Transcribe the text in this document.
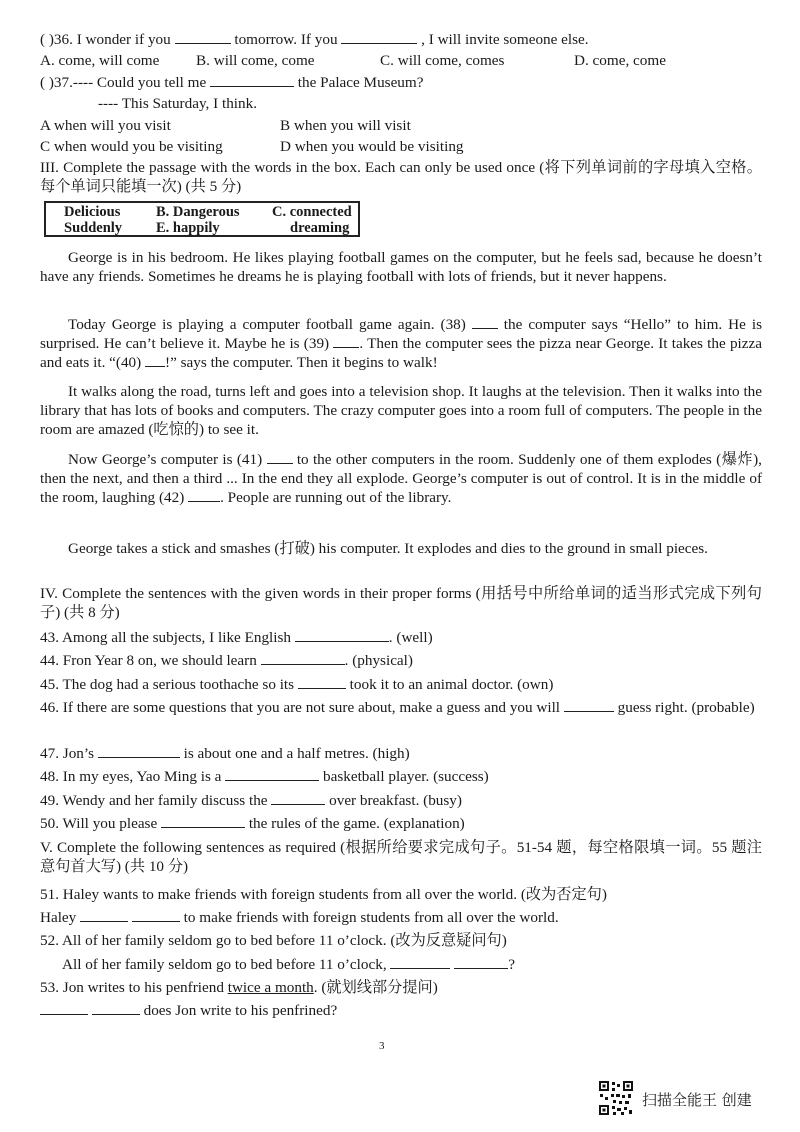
( )36. I wonder if you	tomorrow. If you	, I will invite someone else.
A. come, will come B. will come, come	C. will come, comes	D. come, come
( )37.---- Could you tell me	the Palace Museum?
---- This Saturday, I think.
A when will you visit	B when you will visit
C when would you be visiting	D when you would be visiting
III. Complete the passage with the words in the box. Each can only be used once (将下列单词前的字母填入空格。每个单词只能填一次) (共 5 分)
Delicious B. Dangerous C. connected
Suddenly E. happily	dreaming
George is in his bedroom. He likes playing football games on the computer, but he feels sad, because he doesn’t have any friends. Sometimes he dreams he is playing football with lots of friends, but it never happens.
Today George is playing a computer football game again. (38)  the computer says “Hello” to him. He is surprised. He can’t believe it. Maybe he is (39) . Then the computer sees the pizza near George. It takes the pizza and eats it. “(40) !” says the computer. Then it begins to walk!
It walks along the road, turns left and goes into a television shop. It laughs at the television. Then it walks into the library that has lots of books and computers. The crazy computer goes into a room full of computers. The people in the room are amazed (吃惊的) to see it.
Now George’s computer is (41)  to the other computers in the room. Suddenly one of them explodes (爆炸), then the next, and then a third ... In the end they all explode. George’s computer is out of control. It is in the middle of the room, laughing (42) . People are running out of the library.
George takes a stick and smashes (打破) his computer. It explodes and dies to the ground in small pieces.
IV. Complete the sentences with the given words in their proper forms (用括号中所给单词的适当形式完成下列句子) (共 8 分)
43. Among all the subjects, I like English	. (well)
44. Fron Year 8 on, we should learn	. (physical)
45. The dog had a serious toothache so its	took it to an animal doctor. (own)
46. If there are some questions that you are not sure about, make a guess and you will	guess right. (probable)
47. Jon’s	is about one and a half metres. (high)
48. In my eyes, Yao Ming is a	basketball player. (success)
49. Wendy and her family discuss the	over breakfast. (busy)
50. Will you please	the rules of the game. (explanation)
V. Complete the following sentences as required (根据所给要求完成句子。51-54 题，每空格限填一词。55 题注意句首大写) (共 10 分)
51. Haley wants to make friends with foreign students from all over the world. (改为否定句)
Haley	to make friends with foreign students from all over the world.
52. All of her family seldom go to bed before 11 o’clock. (改为反意疑问句)
All of her family seldom go to bed before 11 o’clock,	?
53. Jon writes to his penfriend twice a month. (就划线部分提问)
does Jon write to his penfrined?
3
扫描全能王 创建
